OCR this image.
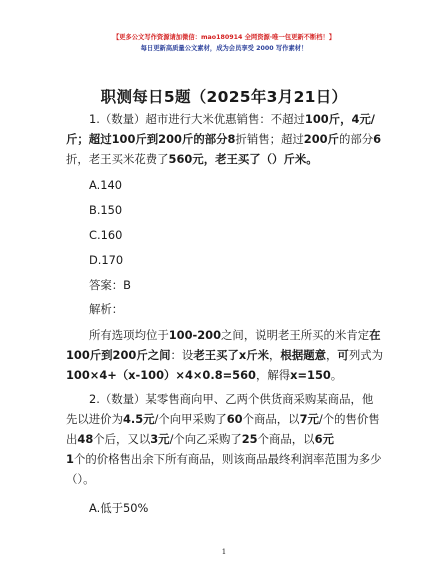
【更多公文写作资源请加微信：mao180914 全网资源·唯一包更新不断档！】
每日更新高质量公文素材，成为会员享受 2000 写作素材！
职测每日5题（2025年3月21日）

1.（数量）超市进行大米优惠销售：不超过100斤，4元/斤；超过100斤到200斤的部分8折销售；超过200斤的部分6折，老王买米花费了560元，老王买了（）斤米。

A.140
B.150
C.160
D.170
答案：B
解析：

所有选项均位于100-200之间，说明老王所买的米肯定在100斤到200斤之间：设老王买了x斤米，根据题意，可列式为100×4+（x-100）×4×0.8=560，解得x=150。

2.（数量）某零售商向甲、乙两个供货商采购某商品，他先以进价为4.5元/个向甲采购了60个商品，以7元/个的售价售出48个后，又以3元/个向乙采购了25个商品，以6元
1个的价格售出余下所有商品，则该商品最终利润率范围为多少（）。

A.低于50%
1
